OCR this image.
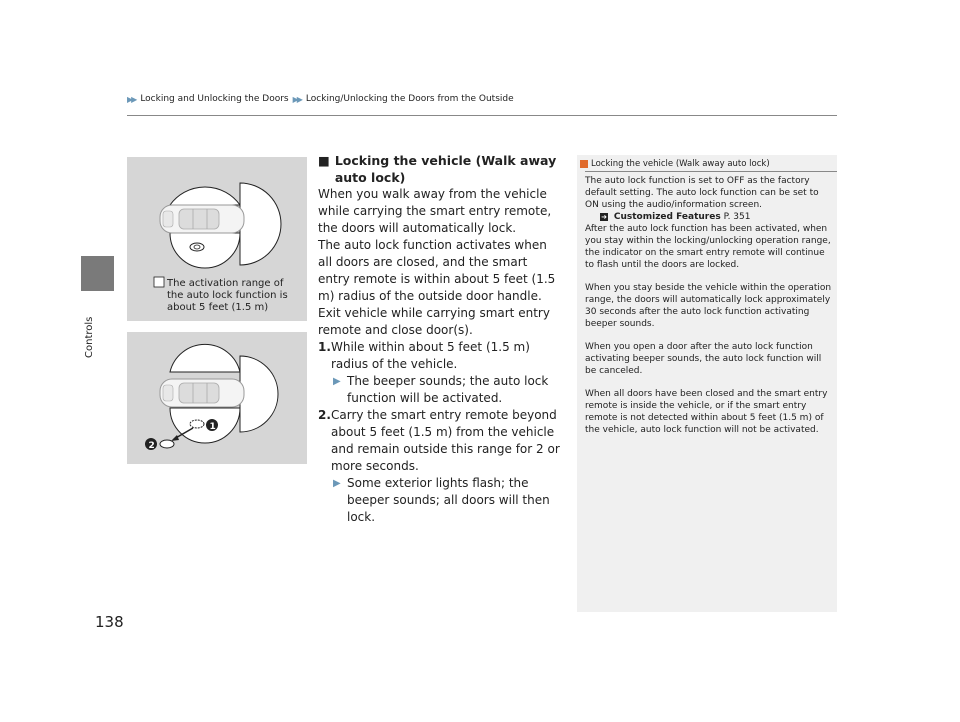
▶▶ Locking and Unlocking the Doors ▶▶ Locking/Unlocking the Doors from the Outside
Controls
The activation range of
the auto lock function is
about 5 feet (1.5 m)
1
2
■ Locking the vehicle (Walk away auto lock)

When you walk away from the vehicle while carrying the smart entry remote, the doors will automatically lock.

The auto lock function activates when all doors are closed, and the smart entry remote is within about 5 feet (1.5 m) radius of the outside door handle.

Exit vehicle while carrying smart entry remote and close door(s).

1. While within about 5 feet (1.5 m) radius of the vehicle.
▶ The beeper sounds; the auto lock function will be activated.
2. Carry the smart entry remote beyond about 5 feet (1.5 m) from the vehicle and remain outside this range for 2 or more seconds.
▶ Some exterior lights flash; the beeper sounds; all doors will then lock.
Locking the vehicle (Walk away auto lock)

The auto lock function is set to OFF as the factory default setting. The auto lock function can be set to ON using the audio/information screen.
➜ Customized Features P. 351
After the auto lock function has been activated, when you stay within the locking/unlocking operation range, the indicator on the smart entry remote will continue to flash until the doors are locked.

When you stay beside the vehicle within the operation range, the doors will automatically lock approximately 30 seconds after the auto lock function activating beeper sounds.

When you open a door after the auto lock function activating beeper sounds, the auto lock function will be canceled.

When all doors have been closed and the smart entry remote is inside the vehicle, or if the smart entry remote is not detected within about 5 feet (1.5 m) of the vehicle, auto lock function will not be activated.

138
